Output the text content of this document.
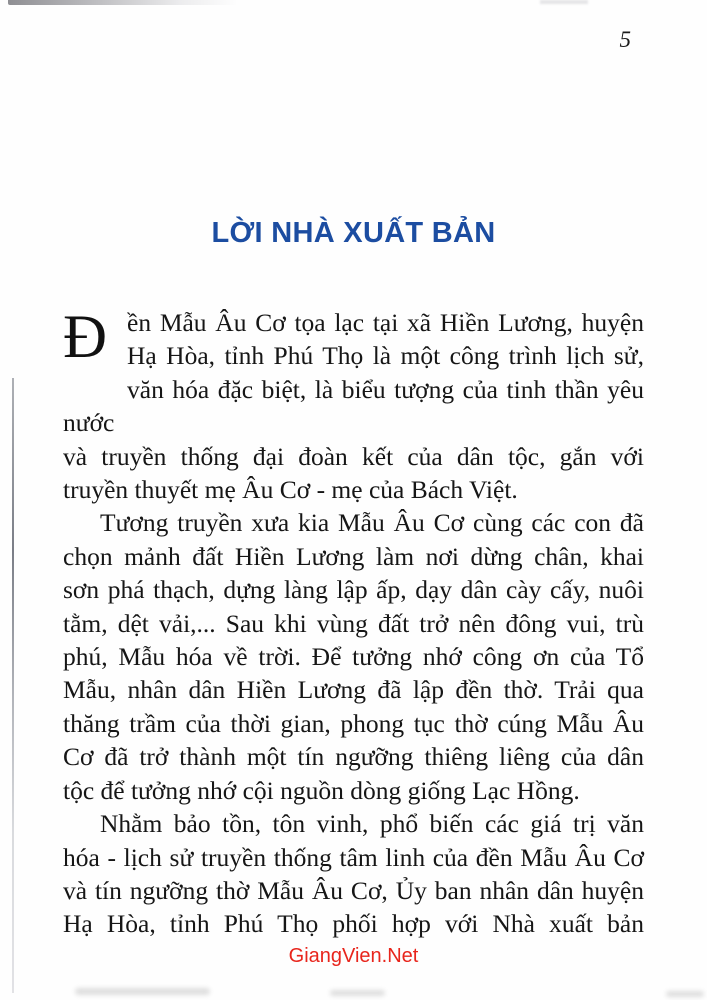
5
LỜI NHÀ XUẤT BẢN
Đ ền Mẫu Âu Cơ tọa lạc tại xã Hiền Lương, huyện
Hạ Hòa, tỉnh Phú Thọ là một công trình lịch sử,
văn hóa đặc biệt, là biểu tượng của tinh thần yêu nước
và truyền thống đại đoàn kết của dân tộc, gắn với
truyền thuyết mẹ Âu Cơ - mẹ của Bách Việt.
Tương truyền xưa kia Mẫu Âu Cơ cùng các con đã
chọn mảnh đất Hiền Lương làm nơi dừng chân, khai
sơn phá thạch, dựng làng lập ấp, dạy dân cày cấy, nuôi
tằm, dệt vải,... Sau khi vùng đất trở nên đông vui, trù
phú, Mẫu hóa về trời. Để tưởng nhớ công ơn của Tổ
Mẫu, nhân dân Hiền Lương đã lập đền thờ. Trải qua
thăng trầm của thời gian, phong tục thờ cúng Mẫu Âu
Cơ đã trở thành một tín ngưỡng thiêng liêng của dân
tộc để tưởng nhớ cội nguồn dòng giống Lạc Hồng.
Nhằm bảo tồn, tôn vinh, phổ biến các giá trị văn
hóa - lịch sử truyền thống tâm linh của đền Mẫu Âu Cơ
và tín ngưỡng thờ Mẫu Âu Cơ, Ủy ban nhân dân huyện
Hạ Hòa, tỉnh Phú Thọ phối hợp với Nhà xuất bản
GiangVien.Net
